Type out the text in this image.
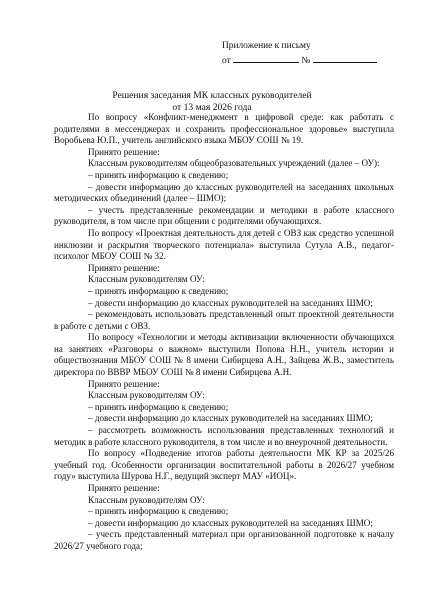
Приложение к письму
от	№
Решения заседания МК классных руководителей
от 13 мая 2026 года

По вопросу «Конфликт-менеджмент в цифровой среде: как работать с родителями в мессенджерах и сохранить профессиональное здоровье» выступила Воробьева Ю.П., учитель английского языка МБОУ СОШ № 19.

Принято решение:

Классным руководителям общеобразовательных учреждений (далее – ОУ):

– принять информацию к сведению;

– довести информацию до классных руководителей на заседаниях школьных методических объединений (далее – ШМО);

– учесть представленные рекомендации и методики в работе классного руководителя, в том числе при общении с родителями обучающихся.

По вопросу «Проектная деятельность для детей с ОВЗ как средство успешной инклюзии и раскрытия творческого потенциала» выступила Сутула А.В., педагог-психолог МБОУ СОШ № 32.

Принято решение:

Классным руководителям ОУ:

– принять информацию к сведению;

– довести информацию до классных руководителей на заседаниях ШМО;

– рекомендовать использовать представленный опыт проектной деятельности в работе с детьми с ОВЗ.

По вопросу «Технологии и методы активизации включенности обучающихся на занятиях «Разговоры о важном» выступили Попова Н.Н., учитель истории и обществознания МБОУ СОШ № 8 имени Сибирцева А.Н., Зайцева Ж.В., заместитель директора по ВВВР МБОУ СОШ № 8 имени Сибирцева А.Н.

Принято решение:

Классным руководителям ОУ:

– принять информацию к сведению;

– довести информацию до классных руководителей на заседаниях ШМО;

– рассмотреть возможность использования представленных технологий и методик в работе классного руководителя, в том числе и во внеурочной деятельности.

По вопросу «Подведение итогов работы деятельности МК КР за 2025/26 учебный год. Особенности организации воспитательной работы в 2026/27 учебном году» выступила Шурова Н.Г., ведущий эксперт МАУ «ИОЦ».

Принято решение:

Классным руководителям ОУ:

– принять информацию к сведению;

– довести информацию до классных руководителей на заседаниях ШМО;

– учесть представленный материал при организованной подготовке к началу 2026/27 учебного года;
